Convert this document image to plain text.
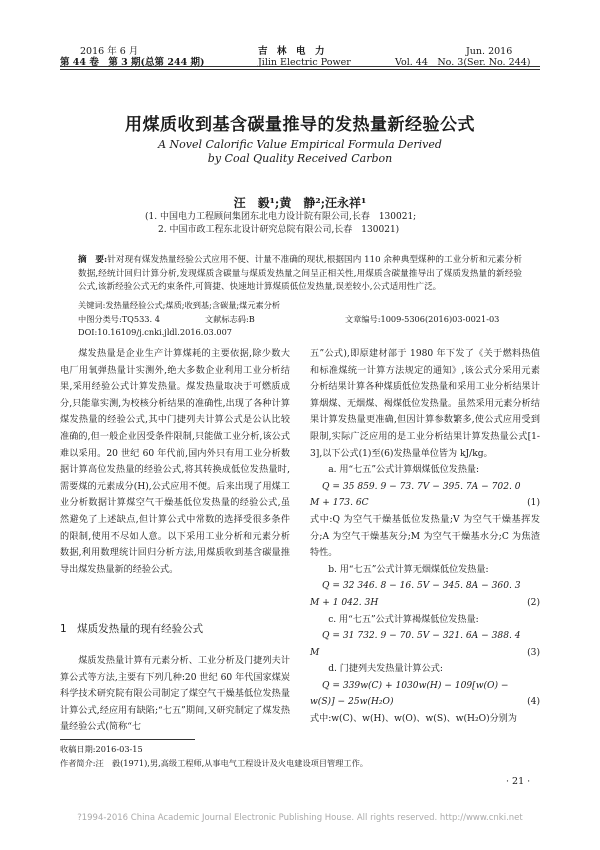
2016 年 6 月
第 44 卷　第 3 期(总第 244 期)
吉　林　电　力
Jilin Electric Power
Jun. 2016
Vol. 44　No. 3(Ser. No. 244)
用煤质收到基含碳量推导的发热量新经验公式
A Novel Calorific Value Empirical Formula Derived
by Coal Quality Received Carbon
汪　毅¹;黄　静²;汪永祥¹
(1. 中国电力工程顾问集团东北电力设计院有限公司,长春　130021;
2. 中国市政工程东北设计研究总院有限公司,长春　130021)
摘　要:针对现有煤发热量经验公式应用不便、计量不准确的现状,根据国内 110 余种典型煤种的工业分析和元素分析数据,经统计回归计算分析,发现煤质含碳量与煤质发热量之间呈正相关性,用煤质含碳量推导出了煤质发热量的新经验公式,该新经验公式无约束条件,可简捷、快速地计算煤质低位发热量,误差较小,公式适用性广泛。
关键词:发热量经验公式;煤质;收到基;含碳量;煤元素分析
中图分类号:TQ533. 4	文献标志码:B	文章编号:1009-5306(2016)03-0021-03
DOI:10.16109/j.cnki.jldl.2016.03.007

煤发热量是企业生产计算煤耗的主要依据,除少数大电厂用氧弹热量计实测外,绝大多数企业利用工业分析结果,采用经验公式计算发热量。煤发热量取决于可燃质成分,只能靠实测,为校核分析结果的准确性,出现了各种计算煤发热量的经验公式,其中门捷列夫计算公式是公认比较准确的,但一般企业因受条件限制,只能做工业分析,该公式难以采用。20 世纪 60 年代前,国内外只有用工业分析数据计算高位发热量的经验公式,将其转换成低位发热量时,需要煤的元素成分(H),公式应用不便。后来出现了用煤工业分析数据计算煤空气干燥基低位发热量的经验公式,虽然避免了上述缺点,但计算公式中常数的选择受很多条件的限制,使用不尽如人意。以下采用工业分析和元素分析数据,利用数理统计回归分析方法,用煤质收到基含碳量推导出煤发热量新的经验公式。

1　煤质发热量的现有经验公式

煤质发热量计算有元素分析、工业分析及门捷列夫计算公式等方法,主要有下列几种:20 世纪 60 年代国家煤炭科学技术研究院有限公司制定了煤空气干燥基低位发热量计算公式,经应用有缺陷;“七五”期间,又研究制定了煤发热量经验公式(简称“七

五”公式),即原建材部于 1980 年下发了《关于燃料热值和标准煤统一计算方法规定的通知》,该公式分采用元素分析结果计算各种煤质低位发热量和采用工业分析结果计算烟煤、无烟煤、褐煤低位发热量。虽然采用元素分析结果计算发热量更准确,但因计算参数繁多,使公式应用受到限制,实际广泛应用的是工业分析结果计算发热量公式[1-3],以下公式(1)至(6)发热量单位皆为 kJ/kg。

a. 用“七五”公式计算烟煤低位发热量:

Q = 35 859. 9 − 73. 7V − 395. 7A − 702. 0
(1)
M + 173. 6C

式中:Q 为空气干燥基低位发热量;V 为空气干燥基挥发分;A 为空气干燥基灰分;M 为空气干燥基水分;C 为焦渣特性。

b. 用“七五”公式计算无烟煤低位发热量:

Q = 32 346. 8 − 16. 5V − 345. 8A − 360. 3
(2)
M + 1 042. 3H

c. 用“七五”公式计算褐煤低位发热量:

Q = 31 732. 9 − 70. 5V − 321. 6A − 388. 4
(3)
M

d. 门捷列夫发热量计算公式:

Q = 339w(C) + 1030w(H) − 109[w(O) −
(4)
w(S)] − 25w(H₂O)

式中:w(C)、w(H)、w(O)、w(S)、w(H₂O)分别为

收稿日期:2016-03-15
作者简介:汪　毅(1971),男,高级工程师,从事电气工程设计及火电建设项目管理工作。
· 21 ·
?1994-2016 China Academic Journal Electronic Publishing House. All rights reserved. http://www.cnki.net
